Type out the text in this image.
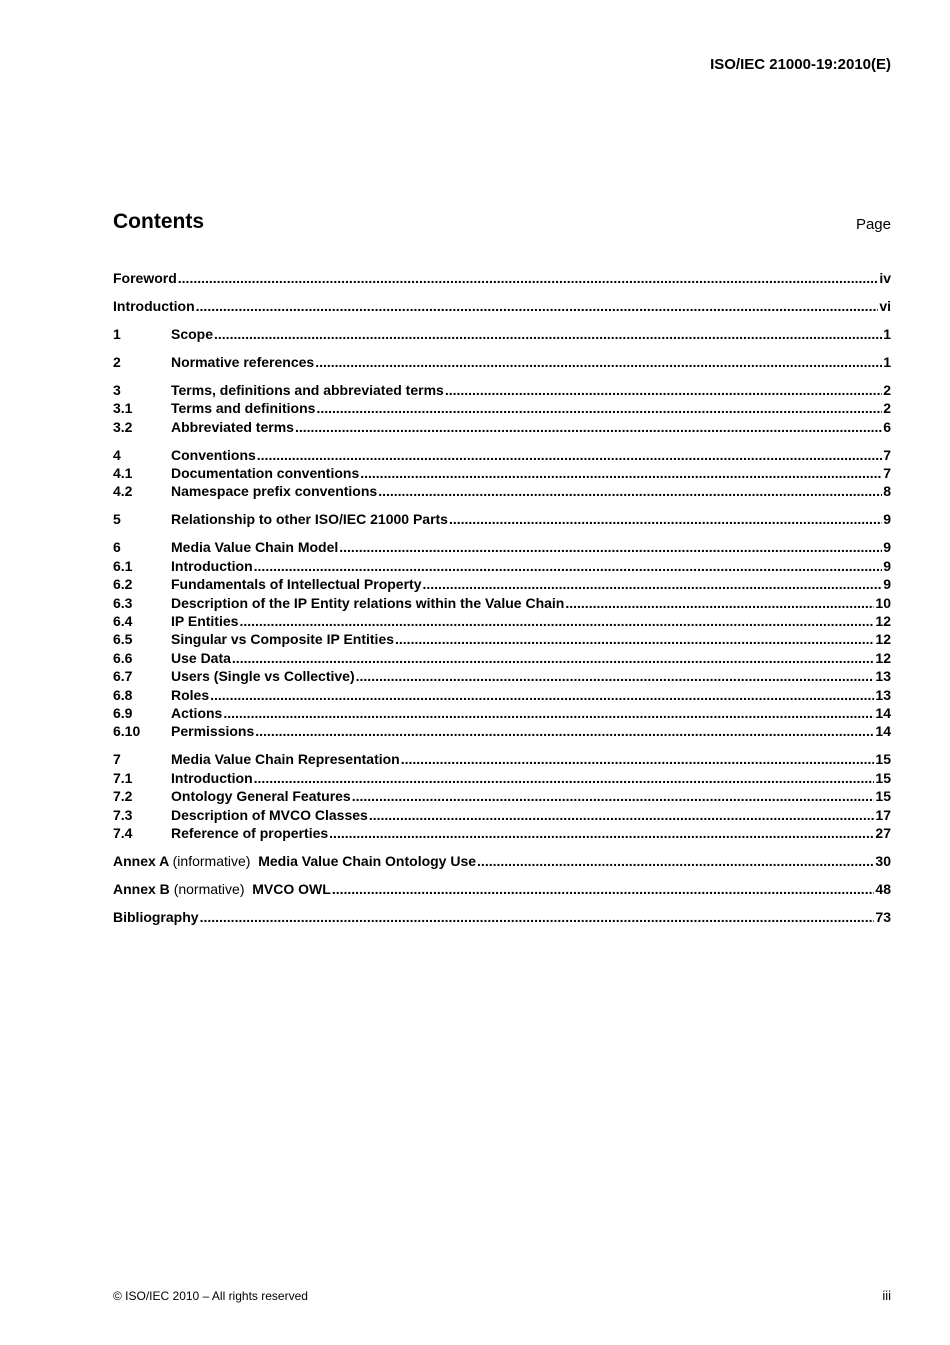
ISO/IEC 21000-19:2010(E)
Contents	Page
Foreword .....	iv
Introduction .....	vi
1	Scope .....	1
2	Normative references .....	1
3	Terms, definitions and abbreviated terms .....	2
3.1	Terms and definitions .....	2
3.2	Abbreviated terms .....	6
4	Conventions .....	7
4.1	Documentation conventions .....	7
4.2	Namespace prefix conventions .....	8
5	Relationship to other ISO/IEC 21000 Parts .....	9
6	Media Value Chain Model .....	9
6.1	Introduction .....	9
6.2	Fundamentals of Intellectual Property .....	9
6.3	Description of the IP Entity relations within the Value Chain .....	10
6.4	IP Entities .....	12
6.5	Singular vs Composite IP Entities .....	12
6.6	Use Data .....	12
6.7	Users (Single vs Collective) .....	13
6.8	Roles .....	13
6.9	Actions .....	14
6.10	Permissions .....	14
7	Media Value Chain Representation .....	15
7.1	Introduction .....	15
7.2	Ontology General Features .....	15
7.3	Description of MVCO Classes .....	17
7.4	Reference of properties .....	27
Annex A (informative) Media Value Chain Ontology Use .....	30
Annex B (normative) MVCO OWL .....	48
Bibliography .....	73
© ISO/IEC 2010 – All rights reserved	iii
